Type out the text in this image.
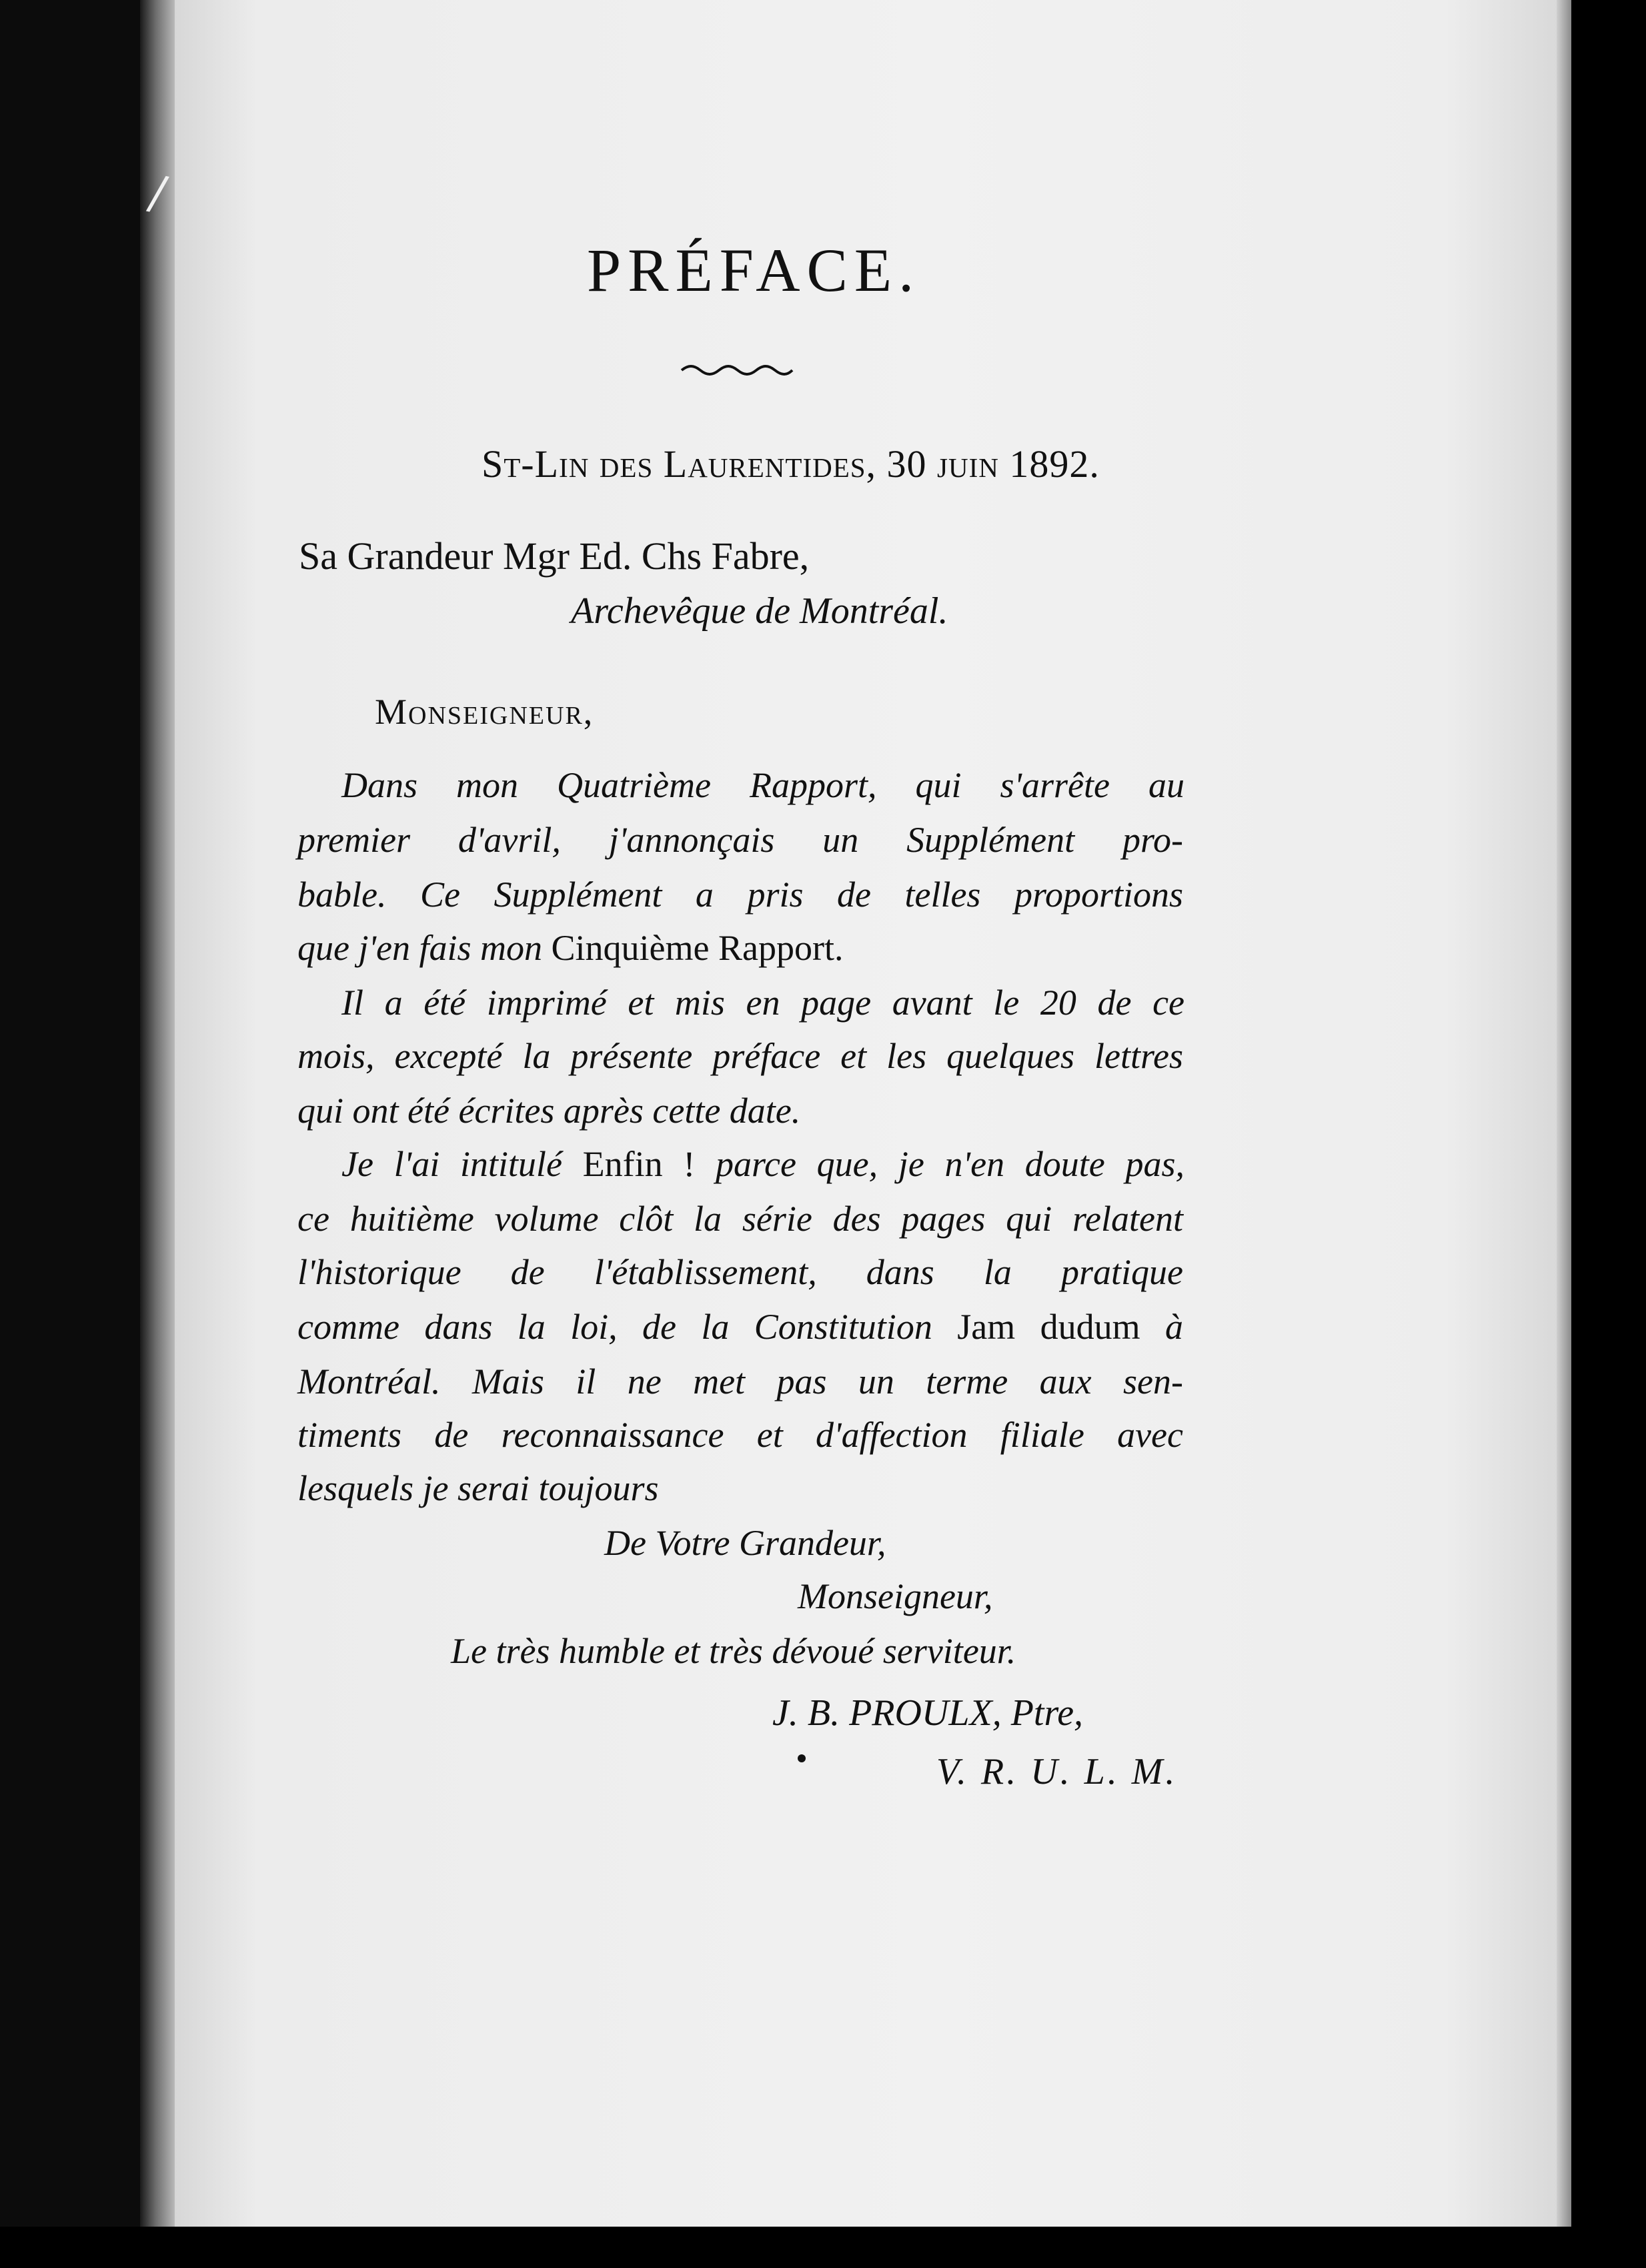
/
PRÉFACE.
St-Lin des Laurentides, 30 juin 1892.
Sa Grandeur Mgr Ed. Chs Fabre,
Archevêque de Montréal.
Monseigneur,
Dans mon Quatrième Rapport, qui s'arrête au
premier d'avril, j'annonçais un Supplément pro-
bable. Ce Supplément a pris de telles proportions
que j'en fais mon Cinquième Rapport.
Il a été imprimé et mis en page avant le 20 de ce
mois, excepté la présente préface et les quelques lettres
qui ont été écrites après cette date.
Je l'ai intitulé Enfin ! parce que, je n'en doute pas,
ce huitième volume clôt la série des pages qui relatent
l'historique de l'établissement, dans la pratique
comme dans la loi, de la Constitution Jam dudum à
Montréal. Mais il ne met pas un terme aux sen-
timents de reconnaissance et d'affection filiale avec
lesquels je serai toujours
De Votre Grandeur,
Monseigneur,
Le très humble et très dévoué serviteur.
J. B. PROULX, Ptre,
V. R. U. L. M.
